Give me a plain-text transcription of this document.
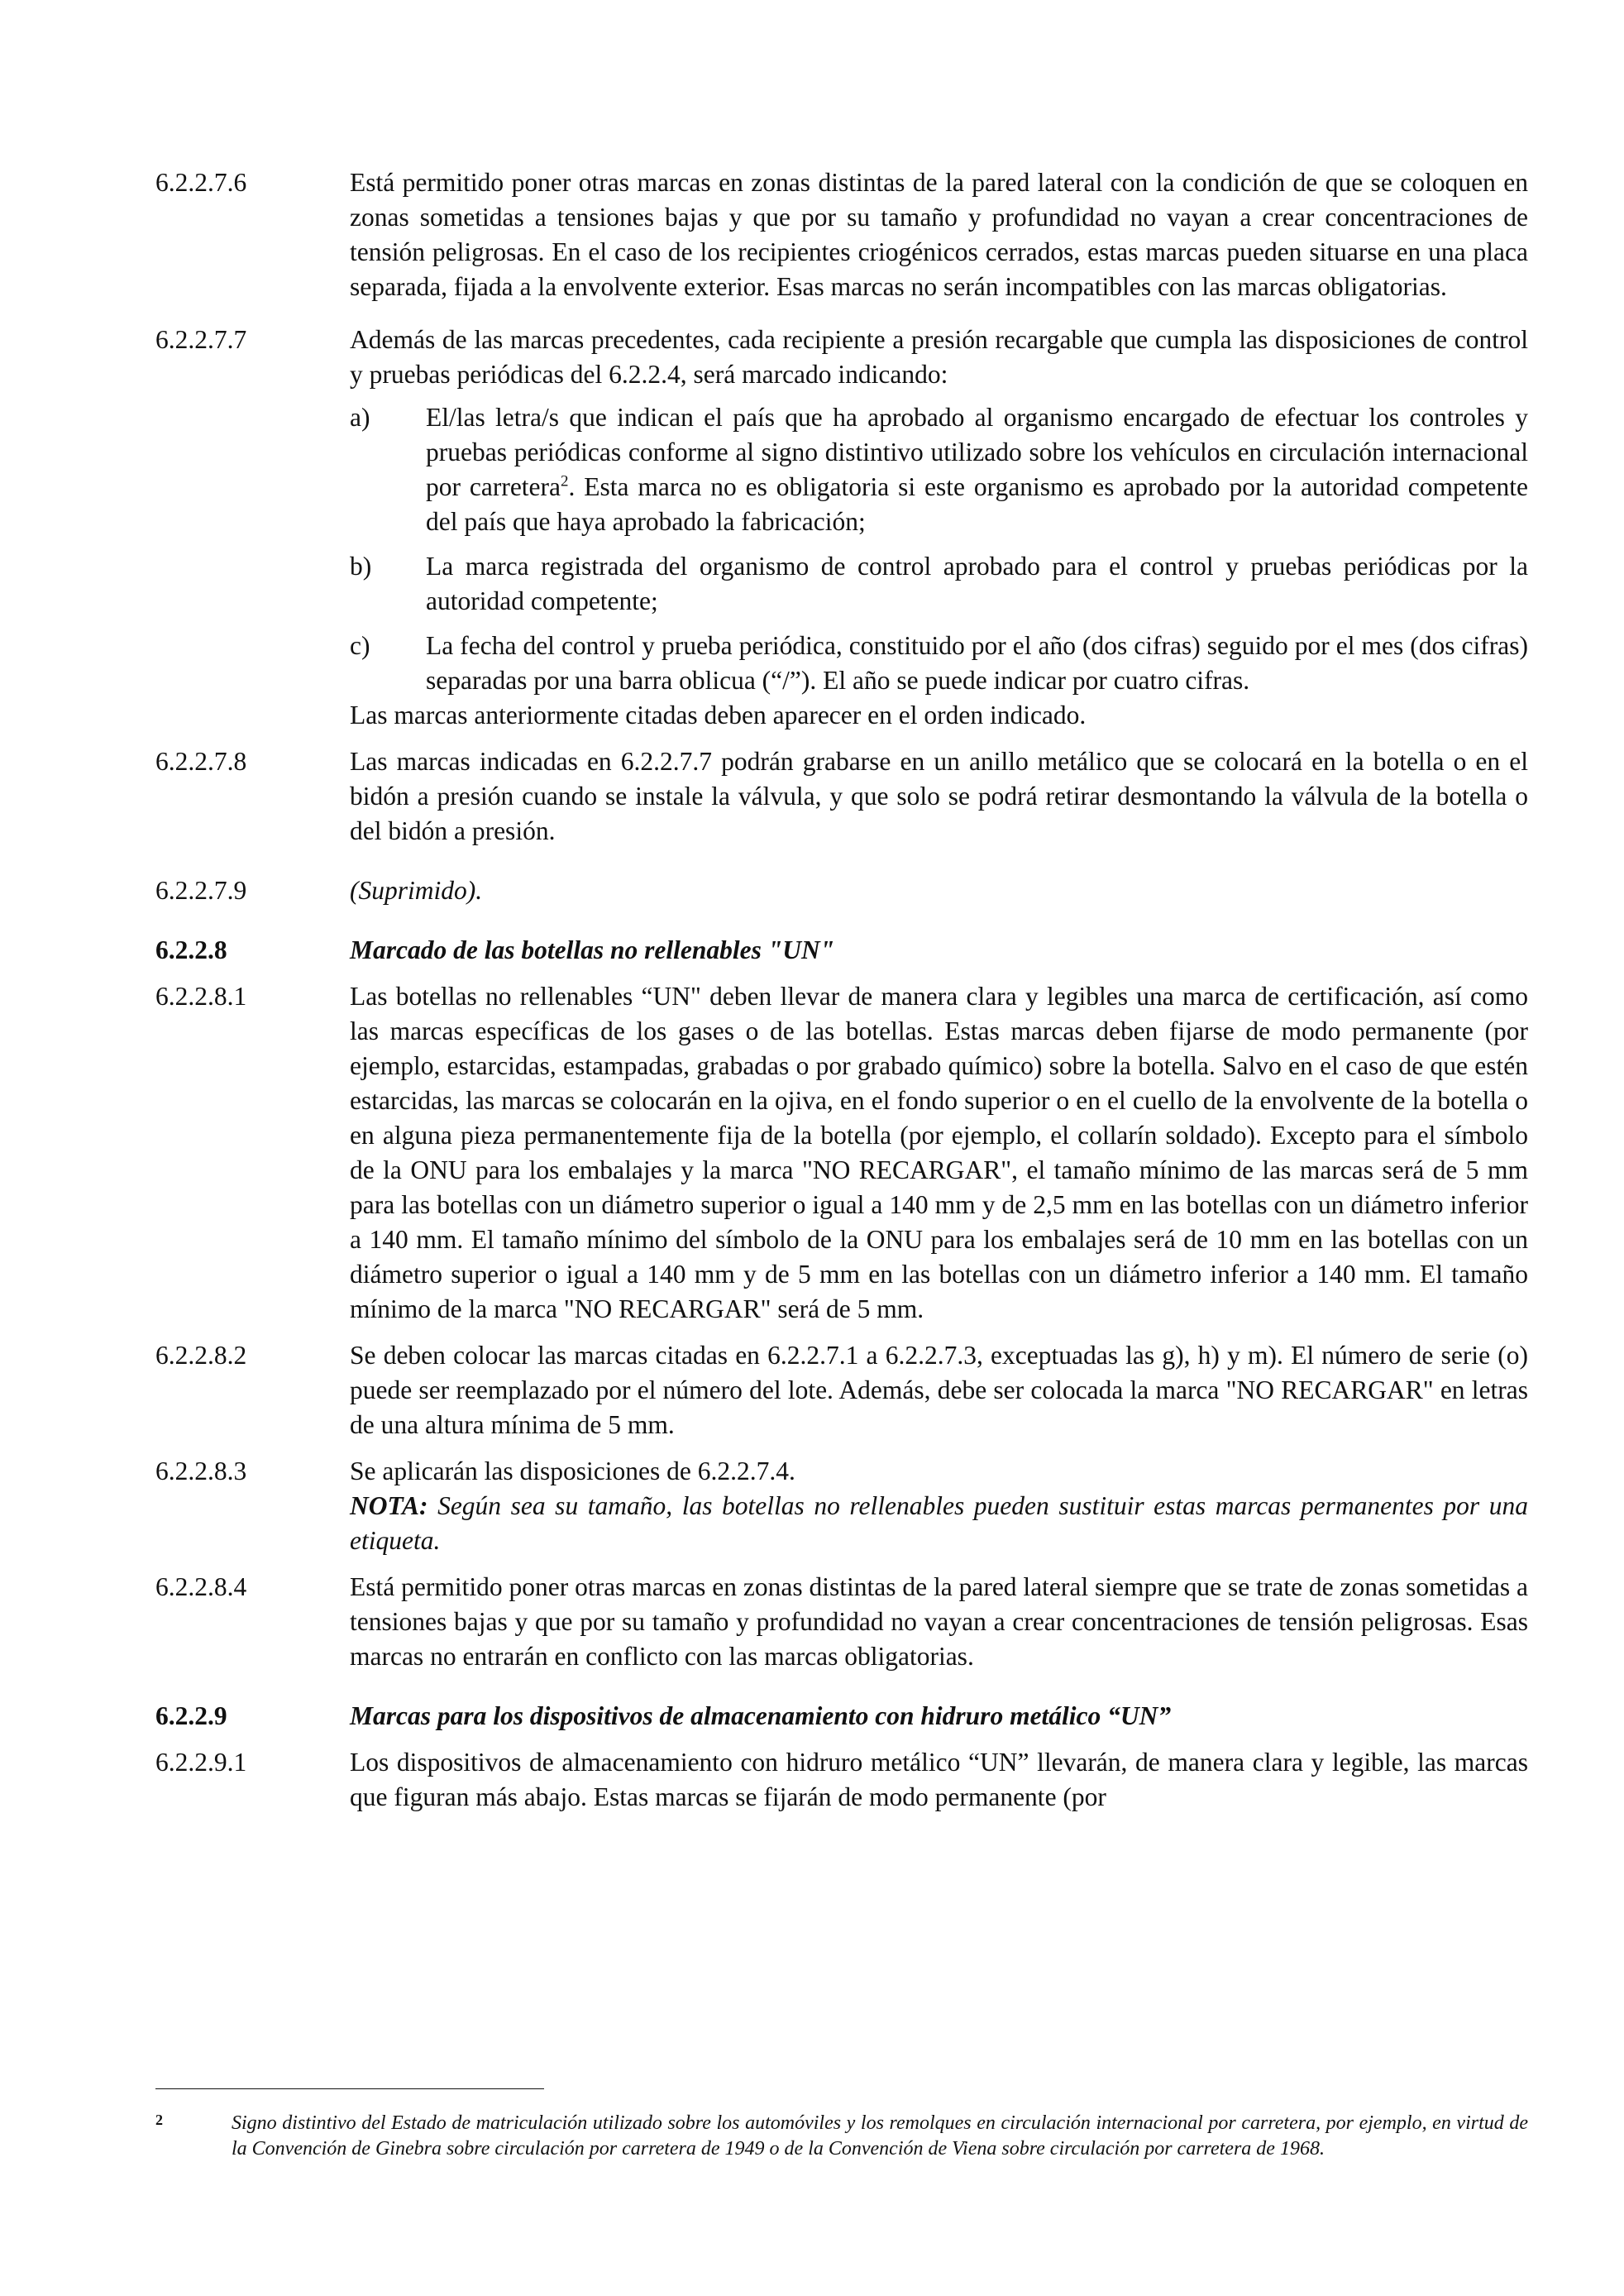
6.2.2.7.6	Está permitido poner otras marcas en zonas distintas de la pared lateral con la condición de que se coloquen en zonas sometidas a tensiones bajas y que por su tamaño y profundidad no vayan a crear concentraciones de tensión peligrosas. En el caso de los recipientes criogénicos cerrados, estas marcas pueden situarse en una placa separada, fijada a la envolvente exterior. Esas marcas no serán incompatibles con las marcas obligatorias.

6.2.2.7.7	Además de las marcas precedentes, cada recipiente a presión recargable que cumpla las disposiciones de control y pruebas periódicas del 6.2.2.4, será marcado indicando:

a)	El/las letra/s que indican el país que ha aprobado al organismo encargado de efectuar los controles y pruebas periódicas conforme al signo distintivo utilizado sobre los vehículos en circulación internacional por carretera$^2$. Esta marca no es obligatoria si este organismo es aprobado por la autoridad competente del país que haya aprobado la fabricación;
b)	La marca registrada del organismo de control aprobado para el control y pruebas periódicas por la autoridad competente;
c)	La fecha del control y prueba periódica, constituido por el año (dos cifras) seguido por el mes (dos cifras) separadas por una barra oblicua (“/”). El año se puede indicar por cuatro cifras.

Las marcas anteriormente citadas deben aparecer en el orden indicado.

6.2.2.7.8	Las marcas indicadas en 6.2.2.7.7 podrán grabarse en un anillo metálico que se colocará en la botella o en el bidón a presión cuando se instale la válvula, y que solo se podrá retirar desmontando la válvula de la botella o del bidón a presión.

6.2.2.7.9	(Suprimido).

6.2.2.8	Marcado de las botellas no rellenables "UN"

6.2.2.8.1	Las botellas no rellenables “UN" deben llevar de manera clara y legibles una marca de certificación, así como las marcas específicas de los gases o de las botellas. Estas marcas deben fijarse de modo permanente (por ejemplo, estarcidas, estampadas, grabadas o por grabado químico) sobre la botella. Salvo en el caso de que estén estarcidas, las marcas se colocarán en la ojiva, en el fondo superior o en el cuello de la envolvente de la botella o en alguna pieza permanentemente fija de la botella (por ejemplo, el collarín soldado). Excepto para el símbolo de la ONU para los embalajes y la marca "NO RECARGAR", el tamaño mínimo de las marcas será de 5 mm para las botellas con un diámetro superior o igual a 140 mm y de 2,5 mm en las botellas con un diámetro inferior a 140 mm. El tamaño mínimo del símbolo de la ONU para los embalajes será de 10 mm en las botellas con un diámetro superior o igual a 140 mm y de 5 mm en las botellas con un diámetro inferior a 140 mm. El tamaño mínimo de la marca "NO RECARGAR" será de 5 mm.

6.2.2.8.2	Se deben colocar las marcas citadas en 6.2.2.7.1 a 6.2.2.7.3, exceptuadas las g), h) y m). El número de serie (o) puede ser reemplazado por el número del lote. Además, debe ser colocada la marca "NO RECARGAR" en letras de una altura mínima de 5 mm.

6.2.2.8.3	Se aplicarán las disposiciones de 6.2.2.7.4.

NOTA: Según sea su tamaño, las botellas no rellenables pueden sustituir estas marcas permanentes por una etiqueta.

6.2.2.8.4	Está permitido poner otras marcas en zonas distintas de la pared lateral siempre que se trate de zonas sometidas a tensiones bajas y que por su tamaño y profundidad no vayan a crear concentraciones de tensión peligrosas. Esas marcas no entrarán en conflicto con las marcas obligatorias.

6.2.2.9	Marcas para los dispositivos de almacenamiento con hidruro metálico “UN”

6.2.2.9.1	Los dispositivos de almacenamiento con hidruro metálico “UN” llevarán, de manera clara y legible, las marcas que figuran más abajo. Estas marcas se fijarán de modo permanente (por

2	Signo distintivo del Estado de matriculación utilizado sobre los automóviles y los remolques en circulación internacional por carretera, por ejemplo, en virtud de la Convención de Ginebra sobre circulación por carretera de 1949 o de la Convención de Viena sobre circulación por carretera de 1968.
